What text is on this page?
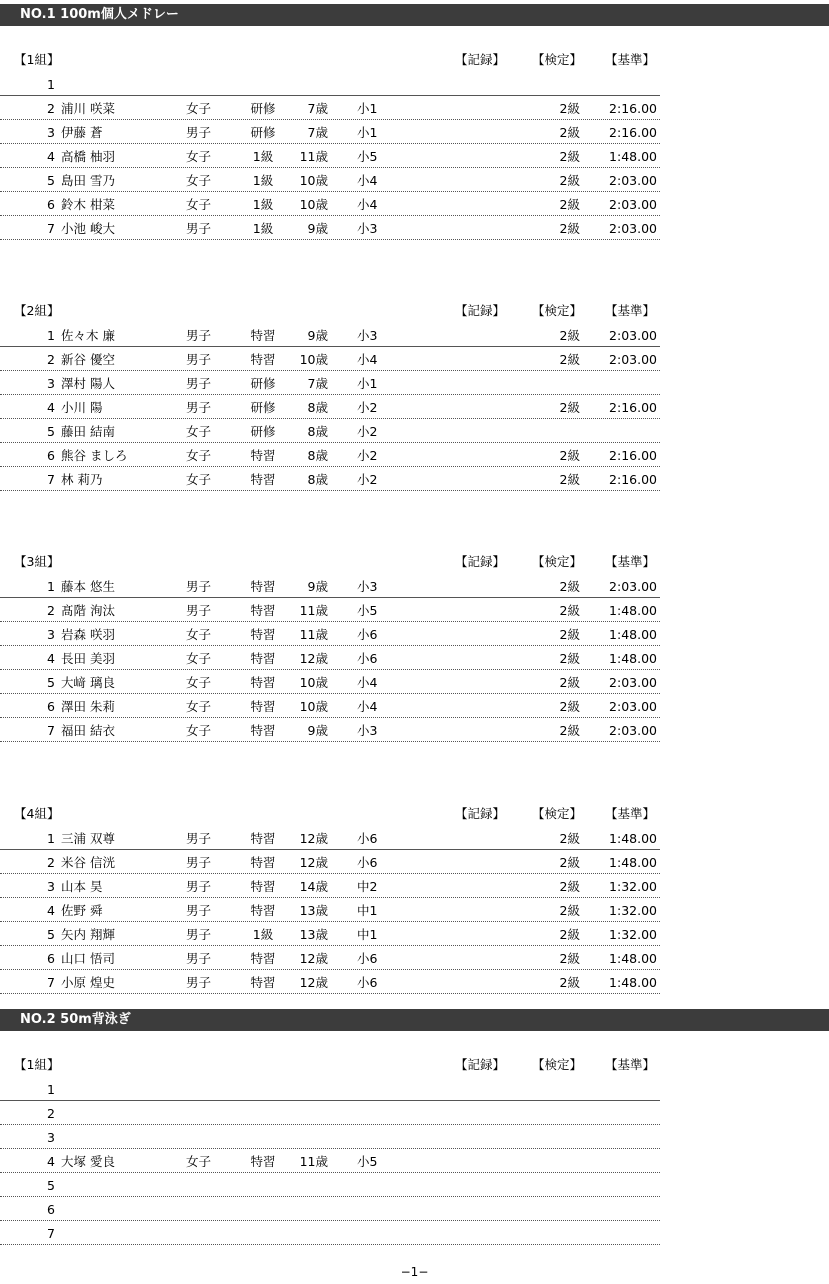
NO.1 100m個人メドレー
【1組】	【記録】 【検定】 【基準】
1
2 浦川 咲菜	女子	研修	7歳 小1	2級	2:16.00
3 伊藤 蒼	男子	研修	7歳 小1	2級	2:16.00
4 高橋 柚羽	女子	1級	11歳 小5	2級	1:48.00
5 島田 雪乃	女子	1級	10歳 小4	2級	2:03.00
6 鈴木 柑菜	女子	1級	10歳 小4	2級	2:03.00
7 小池 峻大	男子	1級	9歳 小3	2級	2:03.00
【2組】	【記録】 【検定】 【基準】
1 佐々木 廉	男子	特習	9歳 小3	2級	2:03.00
2 新谷 優空	男子	特習	10歳 小4	2級	2:03.00
3 澤村 陽人	男子	研修	7歳 小1
4 小川 陽	男子	研修	8歳 小2	2級	2:16.00
5 藤田 結南	女子	研修	8歳 小2
6 熊谷 ましろ	女子	特習	8歳 小2	2級	2:16.00
7 林 莉乃	女子	特習	8歳 小2	2級	2:16.00
【3組】	【記録】 【検定】 【基準】
1 藤本 悠生	男子	特習	9歳 小3	2級	2:03.00
2 髙階 洵汰	男子	特習	11歳 小5	2級	1:48.00
3 岩森 咲羽	女子	特習	11歳 小6	2級	1:48.00
4 長田 美羽	女子	特習	12歳 小6	2級	1:48.00
5 大﨑 璃良	女子	特習	10歳 小4	2級	2:03.00
6 澤田 朱莉	女子	特習	10歳 小4	2級	2:03.00
7 福田 結衣	女子	特習	9歳 小3	2級	2:03.00
【4組】	【記録】 【検定】 【基準】
1 三浦 双尊	男子	特習	12歳 小6	2級	1:48.00
2 米谷 信洸	男子	特習	12歳 小6	2級	1:48.00
3 山本 昊	男子	特習	14歳 中2	2級	1:32.00
4 佐野 舜	男子	特習	13歳 中1	2級	1:32.00
5 矢内 翔輝	男子	1級	13歳 中1	2級	1:32.00
6 山口 悟司	男子	特習	12歳 小6	2級	1:48.00
7 小原 煌史	男子	特習	12歳 小6	2級	1:48.00
NO.2 50m背泳ぎ
【1組】	【記録】 【検定】 【基準】
1
2
3
4 大塚 愛良	女子	特習	11歳 小5
5
6
7
−1−
